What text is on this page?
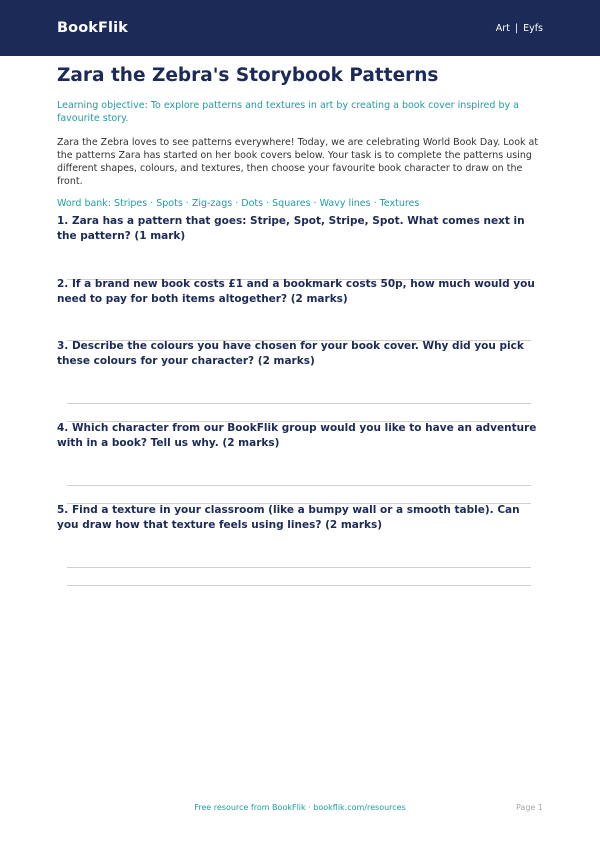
BookFlik	Art | Eyfs
Zara the Zebra's Storybook Patterns

Learning objective: To explore patterns and textures in art by creating a book cover inspired by a favourite story.

Zara the Zebra loves to see patterns everywhere! Today, we are celebrating World Book Day. Look at the patterns Zara has started on her book covers below. Your task is to complete the patterns using different shapes, colours, and textures, then choose your favourite book character to draw on the front.

Word bank: Stripes · Spots · Zig-zags · Dots · Squares · Wavy lines · Textures

1. Zara has a pattern that goes: Stripe, Spot, Stripe, Spot. What comes next in the pattern? (1 mark)

2. If a brand new book costs £1 and a bookmark costs 50p, how much would you need to pay for both items altogether? (2 marks)

3. Describe the colours you have chosen for your book cover. Why did you pick these colours for your character? (2 marks)

4. Which character from our BookFlik group would you like to have an adventure with in a book? Tell us why. (2 marks)

5. Find a texture in your classroom (like a bumpy wall or a smooth table). Can you draw how that texture feels using lines? (2 marks)

Free resource from BookFlik · bookflik.com/resources	Page 1
